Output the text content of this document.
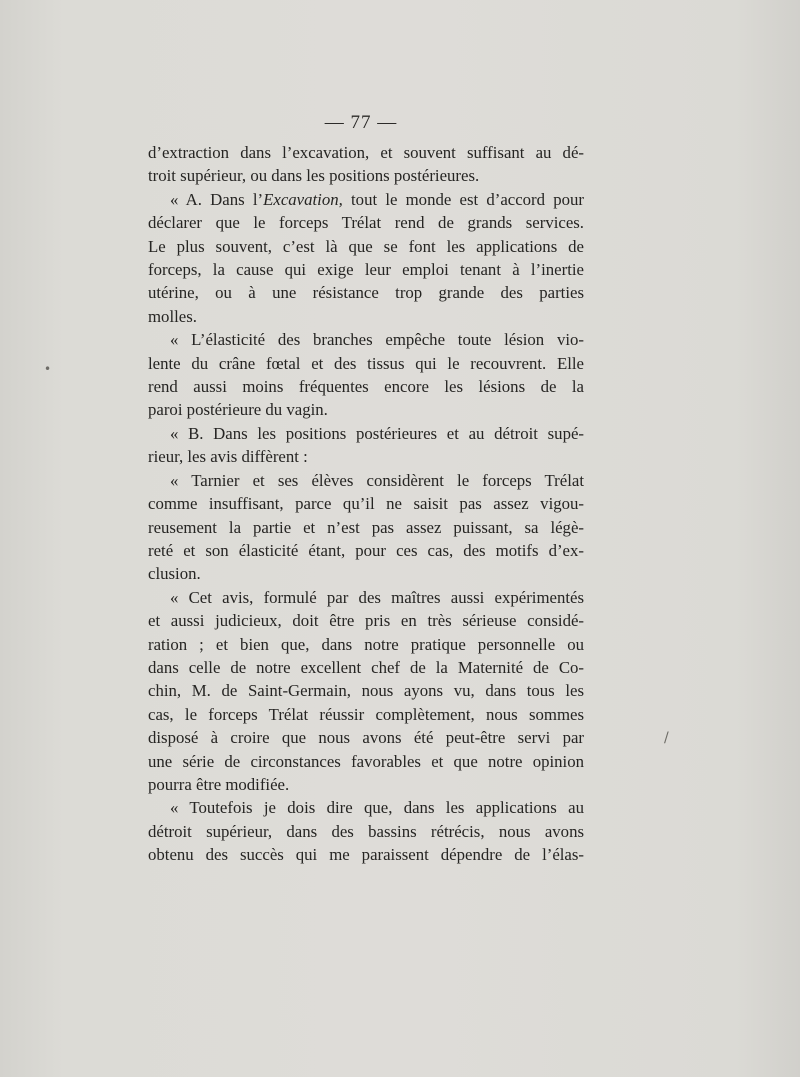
— 77 —
d’extraction dans l’excavation, et souvent suffisant au dé-
troit supérieur, ou dans les positions postérieures.
« A. Dans l’Excavation, tout le monde est d’accord pour
déclarer que le forceps Trélat rend de grands services.
Le plus souvent, c’est là que se font les applications de
forceps, la cause qui exige leur emploi tenant à l’inertie
utérine, ou à une résistance trop grande des parties
molles.
« L’élasticité des branches empêche toute lésion vio-
lente du crâne fœtal et des tissus qui le recouvrent. Elle
rend aussi moins fréquentes encore les lésions de la
paroi postérieure du vagin.
« B. Dans les positions postérieures et au détroit supé-
rieur, les avis diffèrent :
« Tarnier et ses élèves considèrent le forceps Trélat
comme insuffisant, parce qu’il ne saisit pas assez vigou-
reusement la partie et n’est pas assez puissant, sa légè-
reté et son élasticité étant, pour ces cas, des motifs d’ex-
clusion.
« Cet avis, formulé par des maîtres aussi expérimentés
et aussi judicieux, doit être pris en très sérieuse considé-
ration ; et bien que, dans notre pratique personnelle ou
dans celle de notre excellent chef de la Maternité de Co-
chin, M. de Saint-Germain, nous ayons vu, dans tous les
cas, le forceps Trélat réussir complètement, nous sommes
disposé à croire que nous avons été peut-être servi par
une série de circonstances favorables et que notre opinion
pourra être modifiée.
« Toutefois je dois dire que, dans les applications au
détroit supérieur, dans des bassins rétrécis, nous avons
obtenu des succès qui me paraissent dépendre de l’élas-
•
/
